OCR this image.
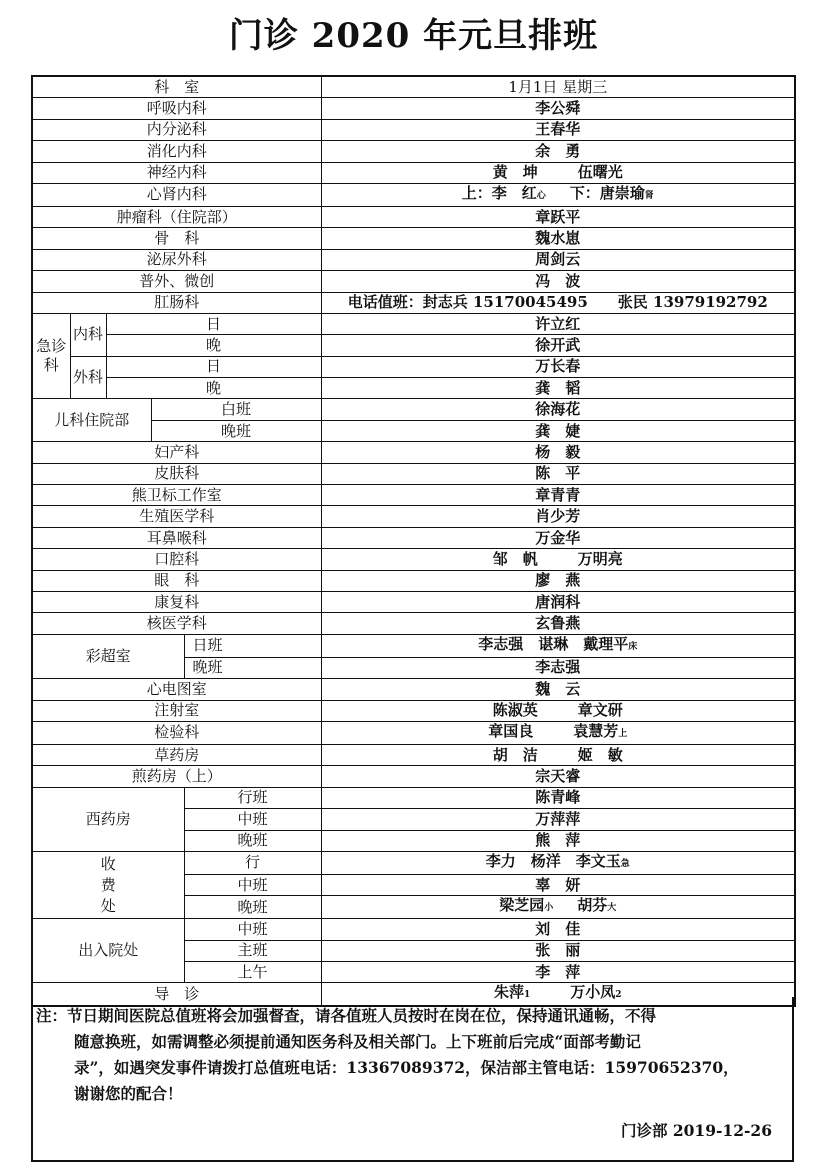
门诊 2020 年元旦排班
科　室					1月1日 星期三
呼吸内科					李公舜
内分泌科					王春华
消化内科					余　勇
神经内科					黄　坤 伍曙光
心肾内科					上：李　红心 下：唐崇瑜肾
肿瘤科（住院部）					章跃平
骨　科					魏水崽
泌尿外科					周剑云
普外、微创					冯　波
肛肠科					电话值班：封志兵 15170045495　　张民 13979192792
急诊科	内科	日			许立红
		晚			徐开武
	外科	日			万长春
		晚			龚　韬
儿科住院部			白班		徐海花
			晚班		龚　婕
妇产科					杨　毅
皮肤科					陈　平
熊卫标工作室					章青青
生殖医学科					肖少芳
耳鼻喉科					万金华
口腔科					邹　帆 万明亮
眼　科					廖　燕
康复科					唐润科
核医学科					玄鲁燕
彩超室				日班	李志强　谌琳　戴理平床
				晚班	李志强
心电图室					魏　云
注射室					陈淑英 章文研
检验科					章国良 袁慧芳上
草药房					胡　洁 姬　敏
煎药房（上）					宗天睿
西药房				行班	陈青峰
				中班	万萍萍
				晚班	熊　萍

收费处				行	李力　杨洋　李文玉急
				中班	辜　妍
				晚班	梁芝园小 胡芬大
出入院处				中班	刘　佳
				主班	张　丽
				上午	李　萍
导　诊					朱萍1 万小凤2

注：节日期间医院总值班将会加强督查，请各值班人员按时在岗在位，保持通讯通畅，不得

随意换班，如需调整必须提前通知医务科及相关部门。上下班前后完成“面部考勤记
录”，如遇突发事件请拨打总值班电话：13367089372，保洁部主管电话：15970652370，
谢谢您的配合！

门诊部 2019-12-26
